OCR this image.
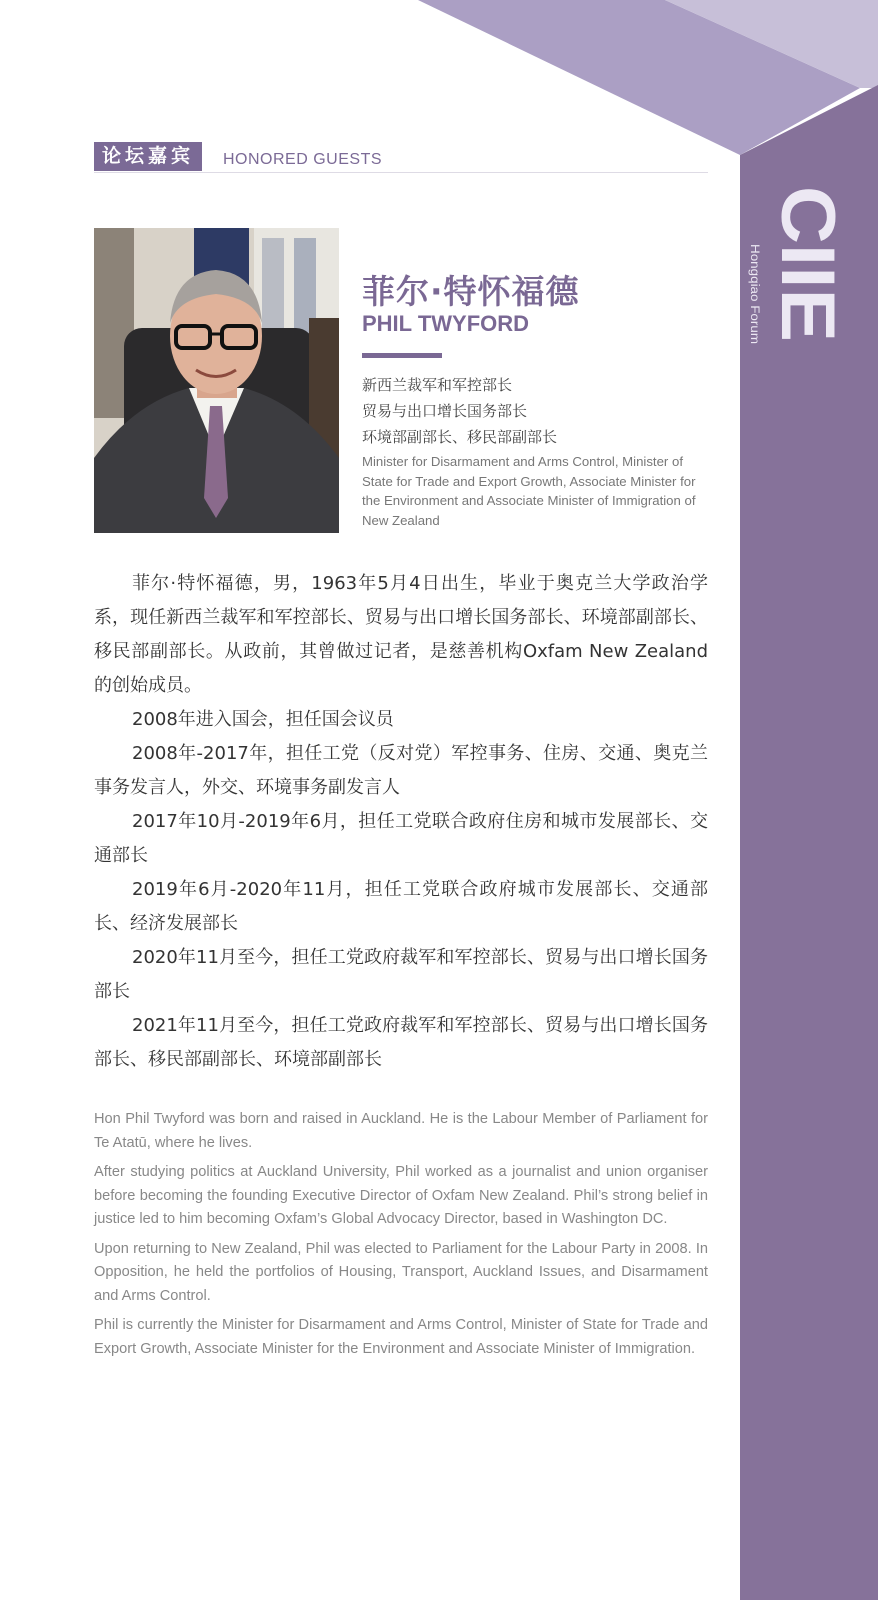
CIIE
Hongqiao Forum
论坛嘉宾	HONORED GUESTS
菲尔·特怀福德
PHIL TWYFORD
新西兰裁军和军控部长
贸易与出口增长国务部长
环境部副部长、移民部副部长
Minister for Disarmament and Arms Control, Minister of State for Trade and Export Growth, Associate Minister for the Environment and Associate Minister of Immigration of New Zealand

菲尔·特怀福德，男，1963年5月4日出生，毕业于奥克兰大学政治学系，现任新西兰裁军和军控部长、贸易与出口增长国务部长、环境部副部长、移民部副部长。从政前，其曾做过记者，是慈善机构Oxfam New Zealand的创始成员。

2008年进入国会，担任国会议员

2008年-2017年，担任工党（反对党）军控事务、住房、交通、奥克兰事务发言人，外交、环境事务副发言人

2017年10月-2019年6月，担任工党联合政府住房和城市发展部长、交通部长

2019年6月-2020年11月，担任工党联合政府城市发展部长、交通部长、经济发展部长

2020年11月至今，担任工党政府裁军和军控部长、贸易与出口增长国务部长

2021年11月至今，担任工党政府裁军和军控部长、贸易与出口增长国务部长、移民部副部长、环境部副部长

Hon Phil Twyford was born and raised in Auckland. He is the Labour Member of Parliament for Te Atatū, where he lives.

After studying politics at Auckland University, Phil worked as a journalist and union organiser before becoming the founding Executive Director of Oxfam New Zealand. Phil’s strong belief in justice led to him becoming Oxfam’s Global Advocacy Director, based in Washington DC.

Upon returning to New Zealand, Phil was elected to Parliament for the Labour Party in 2008. In Opposition, he held the portfolios of Housing, Transport, Auckland Issues, and Disarmament and Arms Control.

Phil is currently the Minister for Disarmament and Arms Control, Minister of State for Trade and Export Growth, Associate Minister for the Environment and Associate Minister of Immigration.
